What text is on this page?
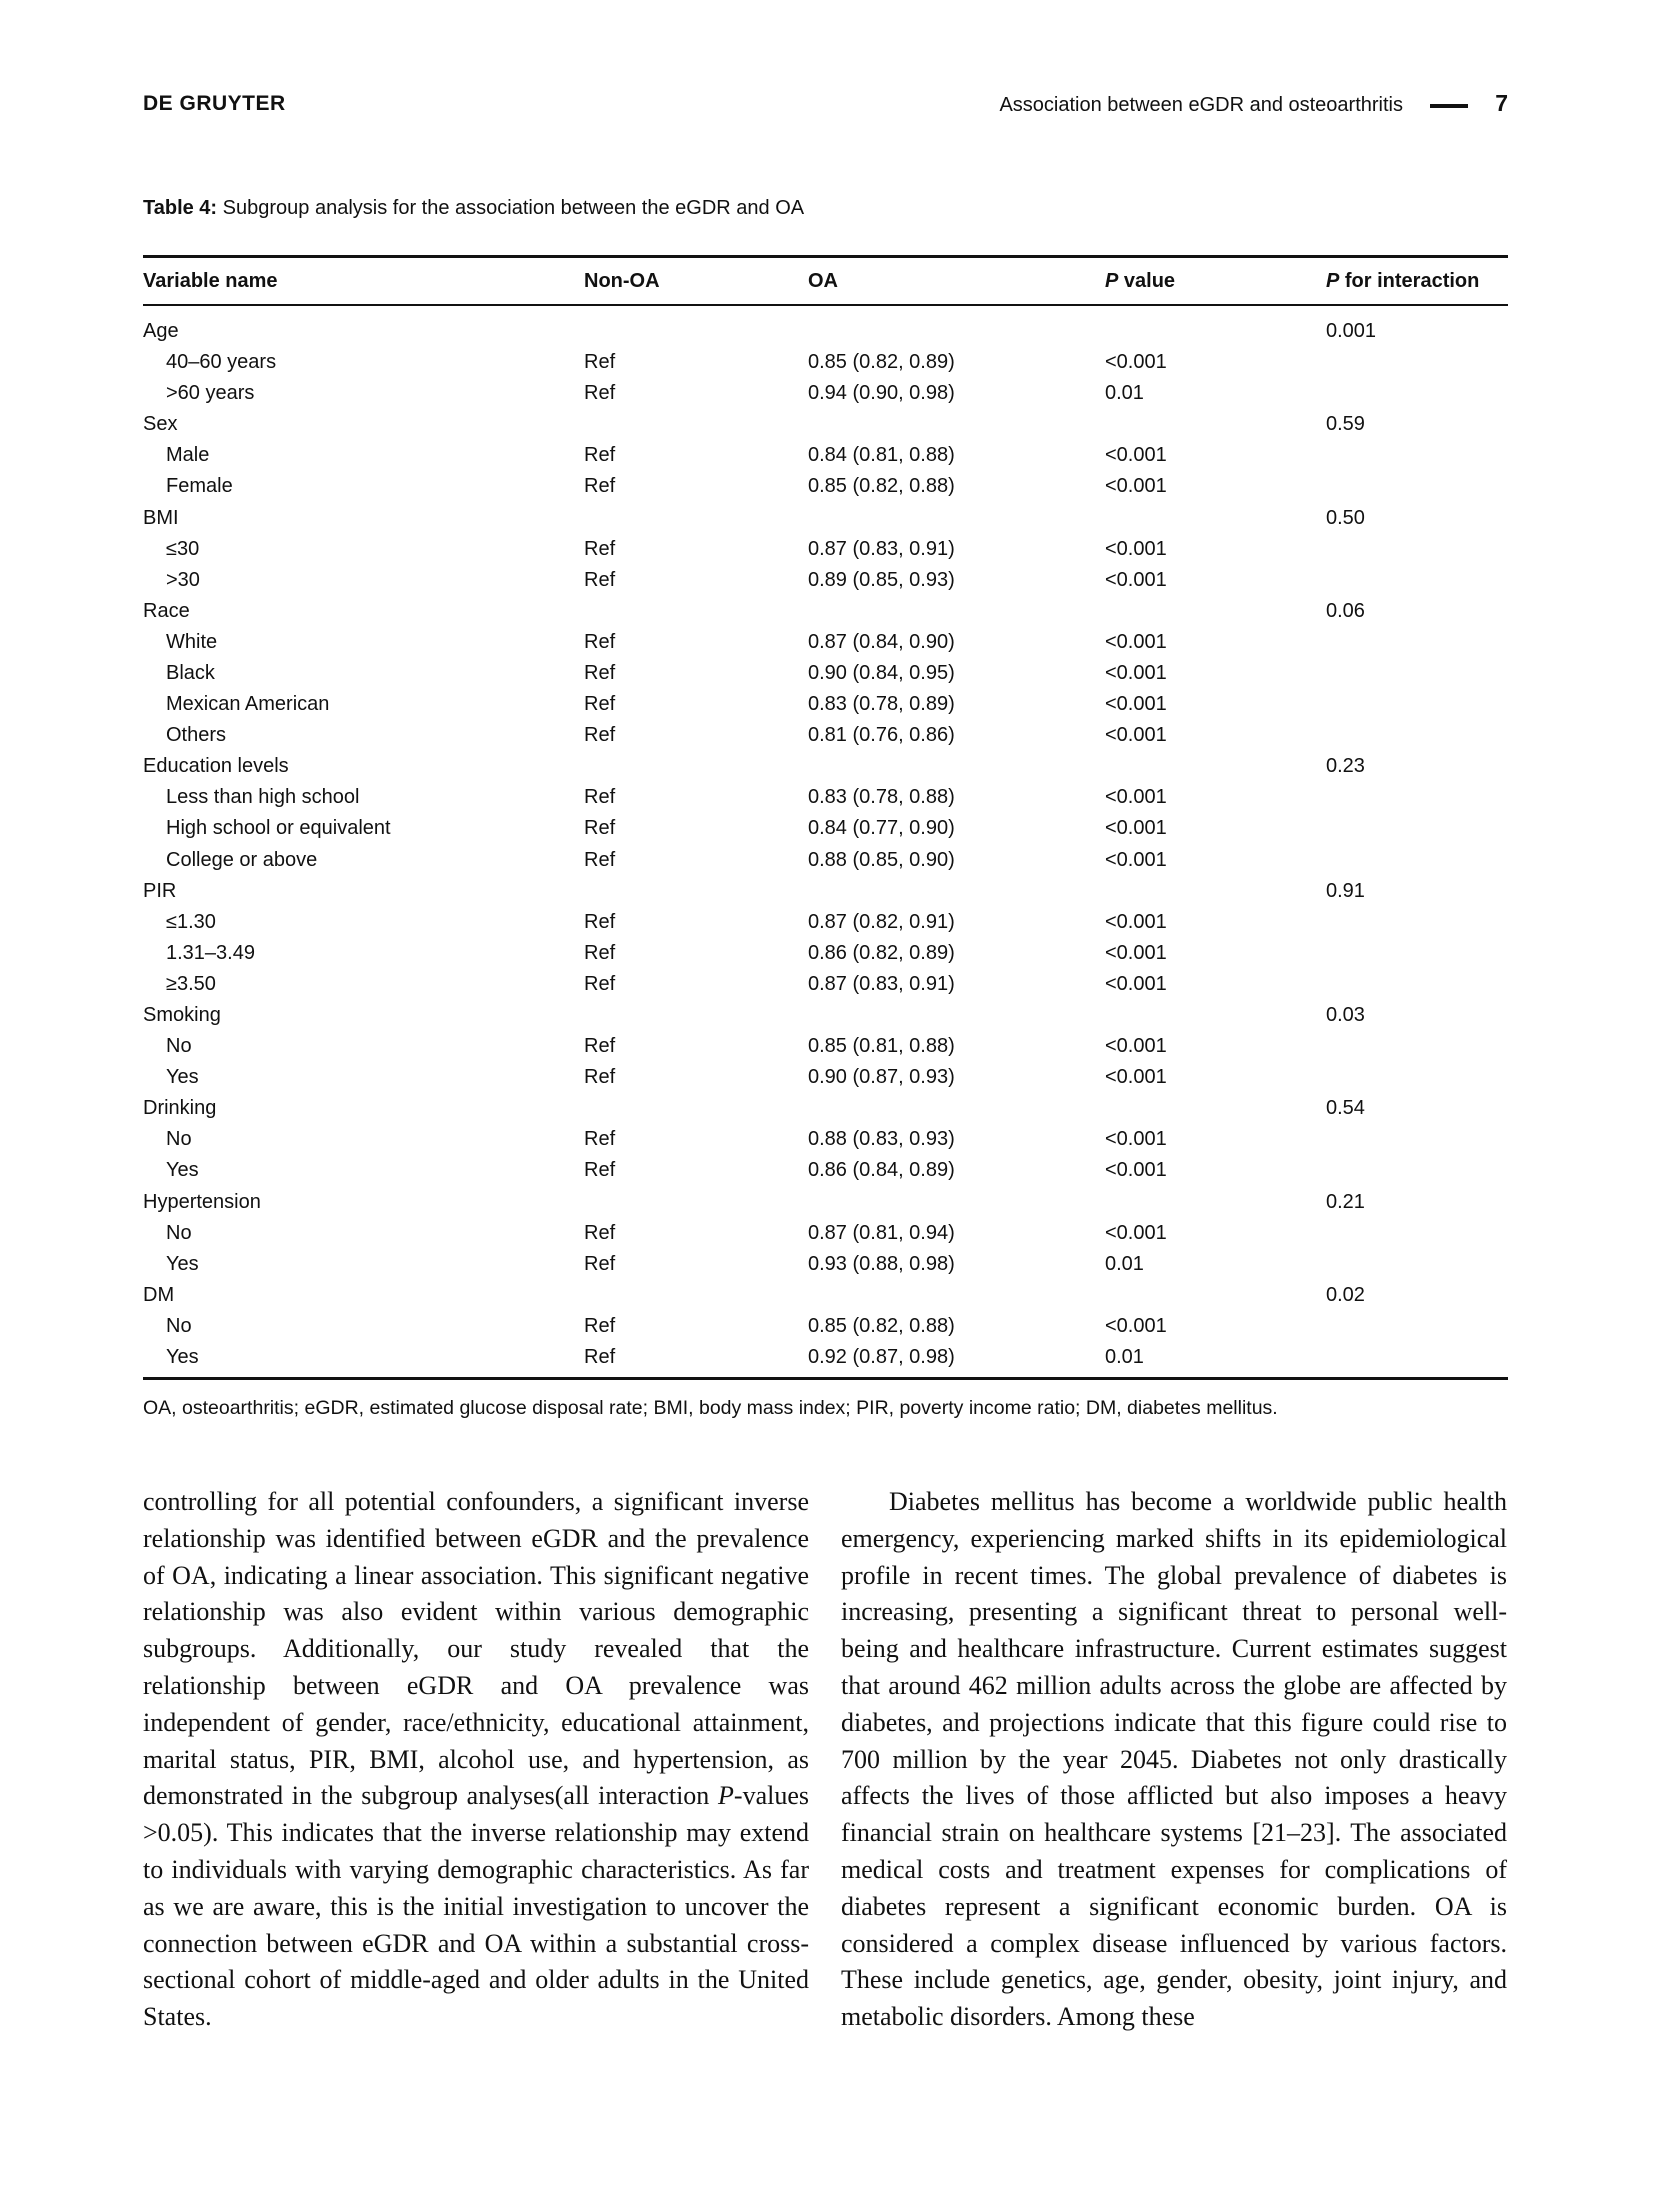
DE GRUYTER	Association between eGDR and osteoarthritis	7
Table 4: Subgroup analysis for the association between the eGDR and OA
Variable name	Non-OA	OA	P value	P for interaction
Age				0.001
40–60 years	Ref	0.85 (0.82, 0.89)	<0.001	
>60 years	Ref	0.94 (0.90, 0.98)	0.01	
Sex				0.59
Male	Ref	0.84 (0.81, 0.88)	<0.001	
Female	Ref	0.85 (0.82, 0.88)	<0.001	
BMI				0.50
≤30	Ref	0.87 (0.83, 0.91)	<0.001	
>30	Ref	0.89 (0.85, 0.93)	<0.001	
Race				0.06
White	Ref	0.87 (0.84, 0.90)	<0.001	
Black	Ref	0.90 (0.84, 0.95)	<0.001	
Mexican American	Ref	0.83 (0.78, 0.89)	<0.001	
Others	Ref	0.81 (0.76, 0.86)	<0.001	
Education levels				0.23
Less than high school	Ref	0.83 (0.78, 0.88)	<0.001	
High school or equivalent	Ref	0.84 (0.77, 0.90)	<0.001	
College or above	Ref	0.88 (0.85, 0.90)	<0.001	
PIR				0.91
≤1.30	Ref	0.87 (0.82, 0.91)	<0.001	
1.31–3.49	Ref	0.86 (0.82, 0.89)	<0.001	
≥3.50	Ref	0.87 (0.83, 0.91)	<0.001	
Smoking				0.03
No	Ref	0.85 (0.81, 0.88)	<0.001	
Yes	Ref	0.90 (0.87, 0.93)	<0.001	
Drinking				0.54
No	Ref	0.88 (0.83, 0.93)	<0.001	
Yes	Ref	0.86 (0.84, 0.89)	<0.001	
Hypertension				0.21
No	Ref	0.87 (0.81, 0.94)	<0.001	
Yes	Ref	0.93 (0.88, 0.98)	0.01	
DM				0.02
No	Ref	0.85 (0.82, 0.88)	<0.001	
Yes	Ref	0.92 (0.87, 0.98)	0.01	
OA, osteoarthritis; eGDR, estimated glucose disposal rate; BMI, body mass index; PIR, poverty income ratio; DM, diabetes mellitus.

controlling for all potential confounders, a significant inverse relationship was identified between eGDR and the prevalence of OA, indicating a linear association. This significant negative relationship was also evident within various demographic subgroups. Additionally, our study revealed that the relationship between eGDR and OA prevalence was independent of gender, race/ethnicity, educational attainment, marital status, PIR, BMI, alcohol use, and hypertension, as demonstrated in the subgroup analyses(all interaction P-values >0.05). This indicates that the inverse relationship may extend to individuals with varying demographic characteristics. As far as we are aware, this is the initial investigation to uncover the connection between eGDR and OA within a substantial cross-sectional cohort of middle-aged and older adults in the United States.

Diabetes mellitus has become a worldwide public health emergency, experiencing marked shifts in its epidemiological profile in recent times. The global prevalence of diabetes is increasing, presenting a significant threat to personal well-being and healthcare infrastructure. Current estimates suggest that around 462 million adults across the globe are affected by diabetes, and projections indicate that this figure could rise to 700 million by the year 2045. Diabetes not only drastically affects the lives of those afflicted but also imposes a heavy financial strain on healthcare systems [21–23]. The associated medical costs and treatment expenses for complications of diabetes represent a significant economic burden. OA is considered a complex disease influenced by various factors. These include genetics, age, gender, obesity, joint injury, and metabolic disorders. Among these
